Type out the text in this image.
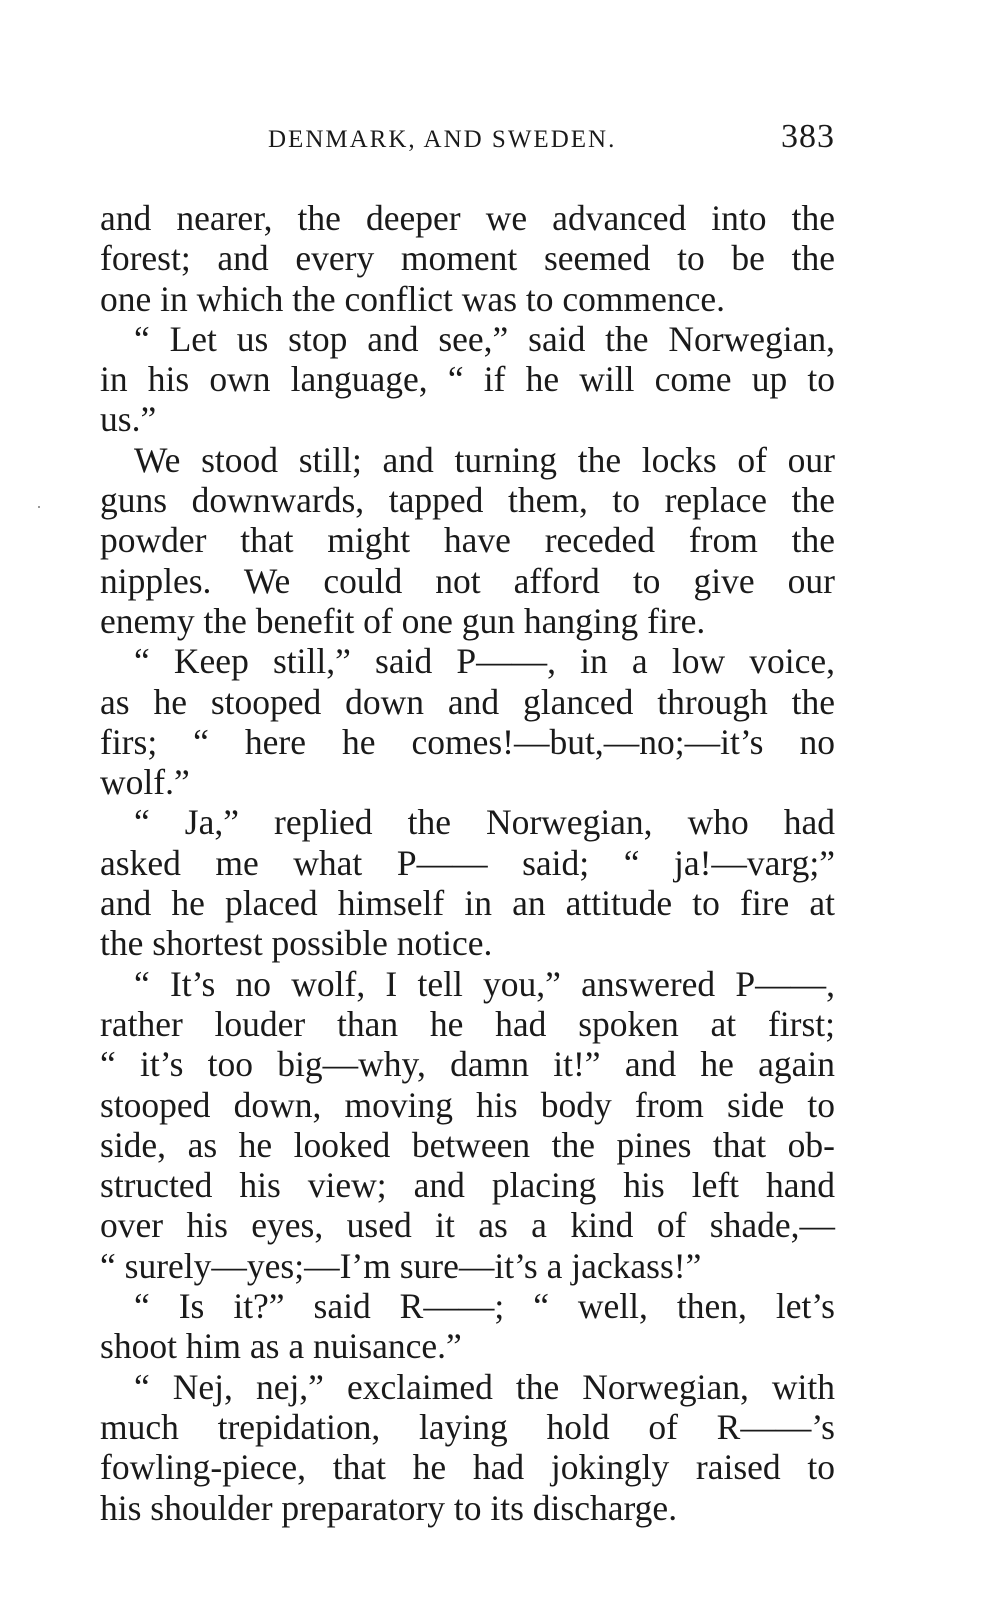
DENMARK, AND SWEDEN.	383
and nearer, the deeper we advanced into the
forest; and every moment seemed to be the
one in which the conflict was to commence.
“ Let us stop and see,” said the Norwegian,
in his own language, “ if he will come up to
us.”
We stood still; and turning the locks of our
guns downwards, tapped them, to replace the
powder that might have receded from the
nipples. We could not afford to give our
enemy the benefit of one gun hanging fire.
“ Keep still,” said P——, in a low voice,
as he stooped down and glanced through the
firs; “ here he comes!—but,—no;—it’s no
wolf.”
“ Ja,” replied the Norwegian, who had
asked me what P—— said; “ ja!—varg;”
and he placed himself in an attitude to fire at
the shortest possible notice.
“ It’s no wolf, I tell you,” answered P——,
rather louder than he had spoken at first;
“ it’s too big—why, damn it!” and he again
stooped down, moving his body from side to
side, as he looked between the pines that ob-
structed his view; and placing his left hand
over his eyes, used it as a kind of shade,—
“ surely—yes;—I’m sure—it’s a jackass!”
“ Is it?” said R——; “ well, then, let’s
shoot him as a nuisance.”
“ Nej, nej,” exclaimed the Norwegian, with
much trepidation, laying hold of R——’s
fowling-piece, that he had jokingly raised to
his shoulder preparatory to its discharge.
